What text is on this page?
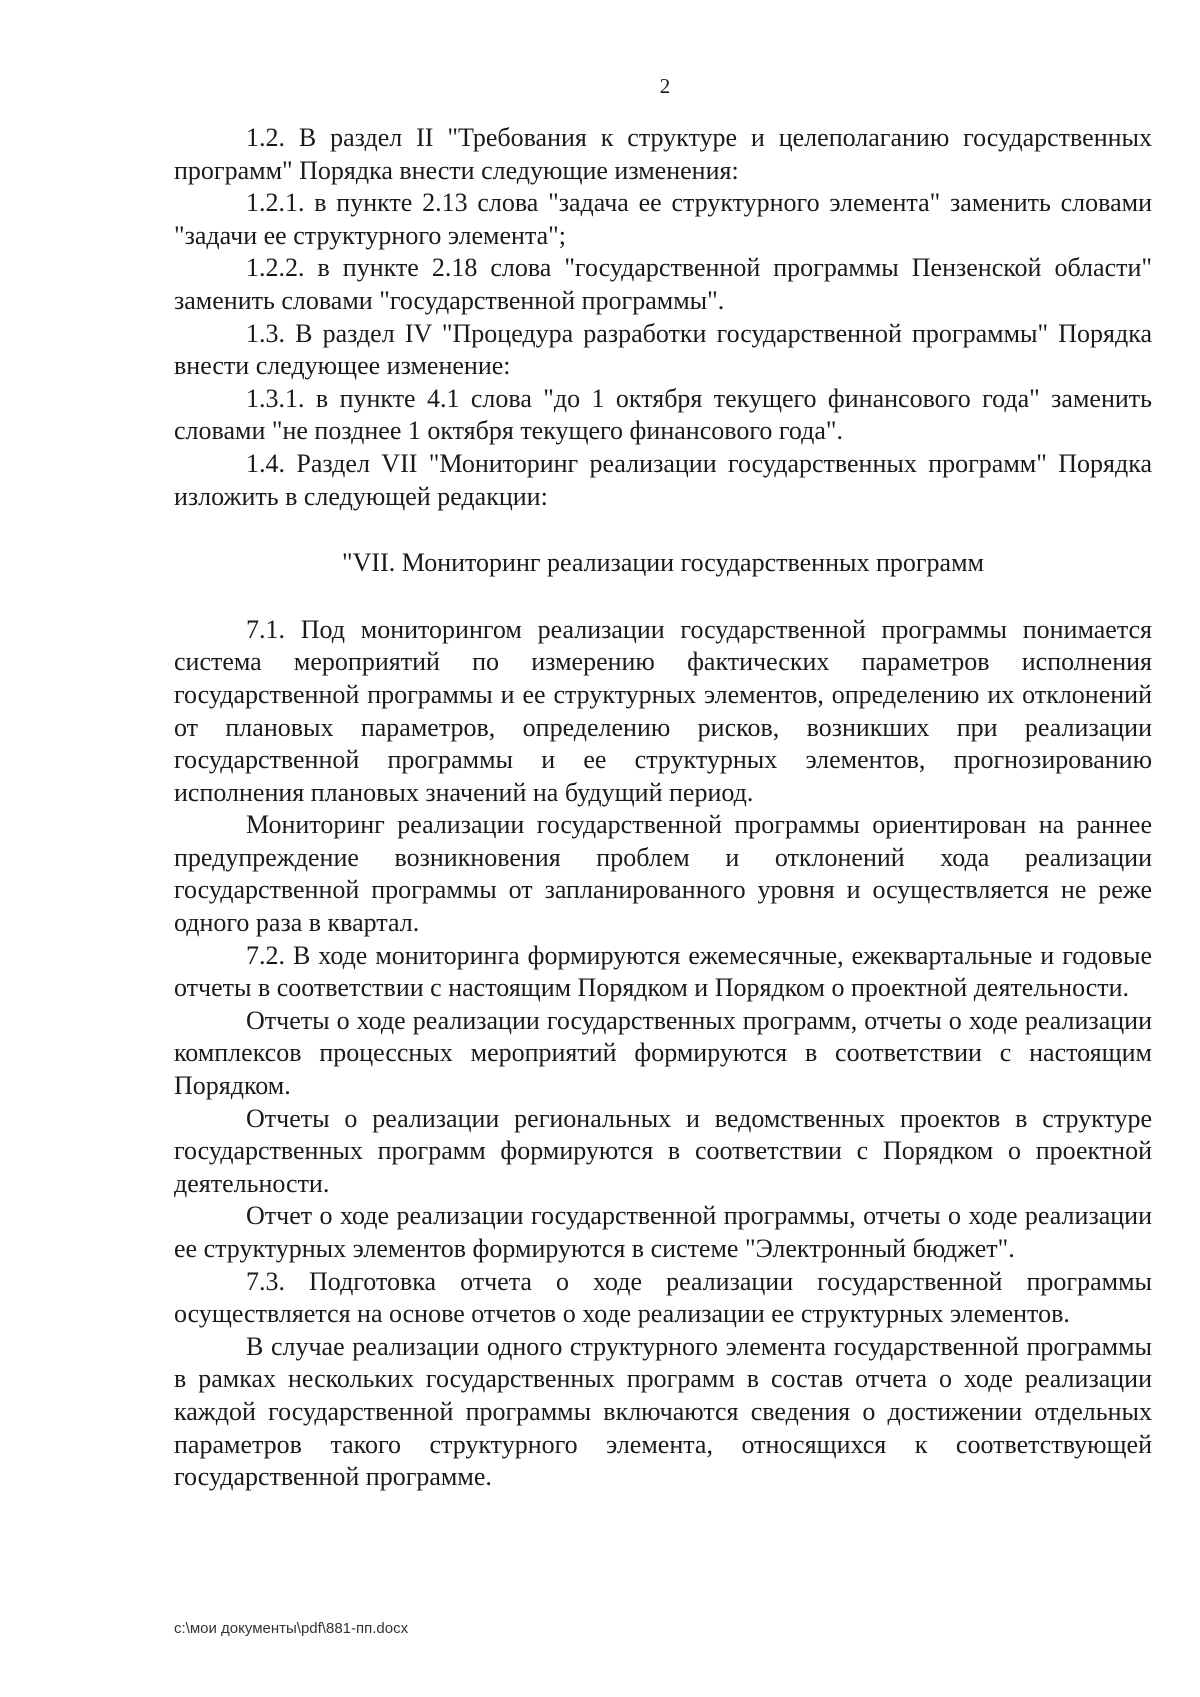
2

1.2. В раздел II "Требования к структуре и целеполаганию государственных программ" Порядка внести следующие изменения:

1.2.1. в пункте 2.13 слова "задача ее структурного элемента" заменить словами "задачи ее структурного элемента";

1.2.2. в пункте 2.18 слова "государственной программы Пензенской области" заменить словами "государственной программы".

1.3. В раздел IV "Процедура разработки государственной программы" Порядка внести следующее изменение:

1.3.1. в пункте 4.1 слова "до 1 октября текущего финансового года" заменить словами "не позднее 1 октября текущего финансового года".

1.4. Раздел VII "Мониторинг реализации государственных программ" Порядка изложить в следующей редакции:

"VII. Мониторинг реализации государственных программ

7.1. Под мониторингом реализации государственной программы понимается система мероприятий по измерению фактических параметров исполнения государственной программы и ее структурных элементов, определению их отклонений от плановых параметров, определению рисков, возникших при реализации государственной программы и ее структурных элементов, прогнозированию исполнения плановых значений на будущий период.

Мониторинг реализации государственной программы ориентирован на раннее предупреждение возникновения проблем и отклонений хода реализации государственной программы от запланированного уровня и осуществляется не реже одного раза в квартал.

7.2. В ходе мониторинга формируются ежемесячные, ежеквартальные и годовые отчеты в соответствии с настоящим Порядком и Порядком о проектной деятельности.

Отчеты о ходе реализации государственных программ, отчеты о ходе реализации комплексов процессных мероприятий формируются в соответствии с настоящим Порядком.

Отчеты о реализации региональных и ведомственных проектов в структуре государственных программ формируются в соответствии с Порядком о проектной деятельности.

Отчет о ходе реализации государственной программы, отчеты о ходе реализации ее структурных элементов формируются в системе "Электронный бюджет".

7.3. Подготовка отчета о ходе реализации государственной программы осуществляется на основе отчетов о ходе реализации ее структурных элементов.

В случае реализации одного структурного элемента государственной программы в рамках нескольких государственных программ в состав отчета о ходе реализации каждой государственной программы включаются сведения о достижении отдельных параметров такого структурного элемента, относящихся к соответствующей государственной программе.

c:\мои документы\pdf\881-пп.docx
